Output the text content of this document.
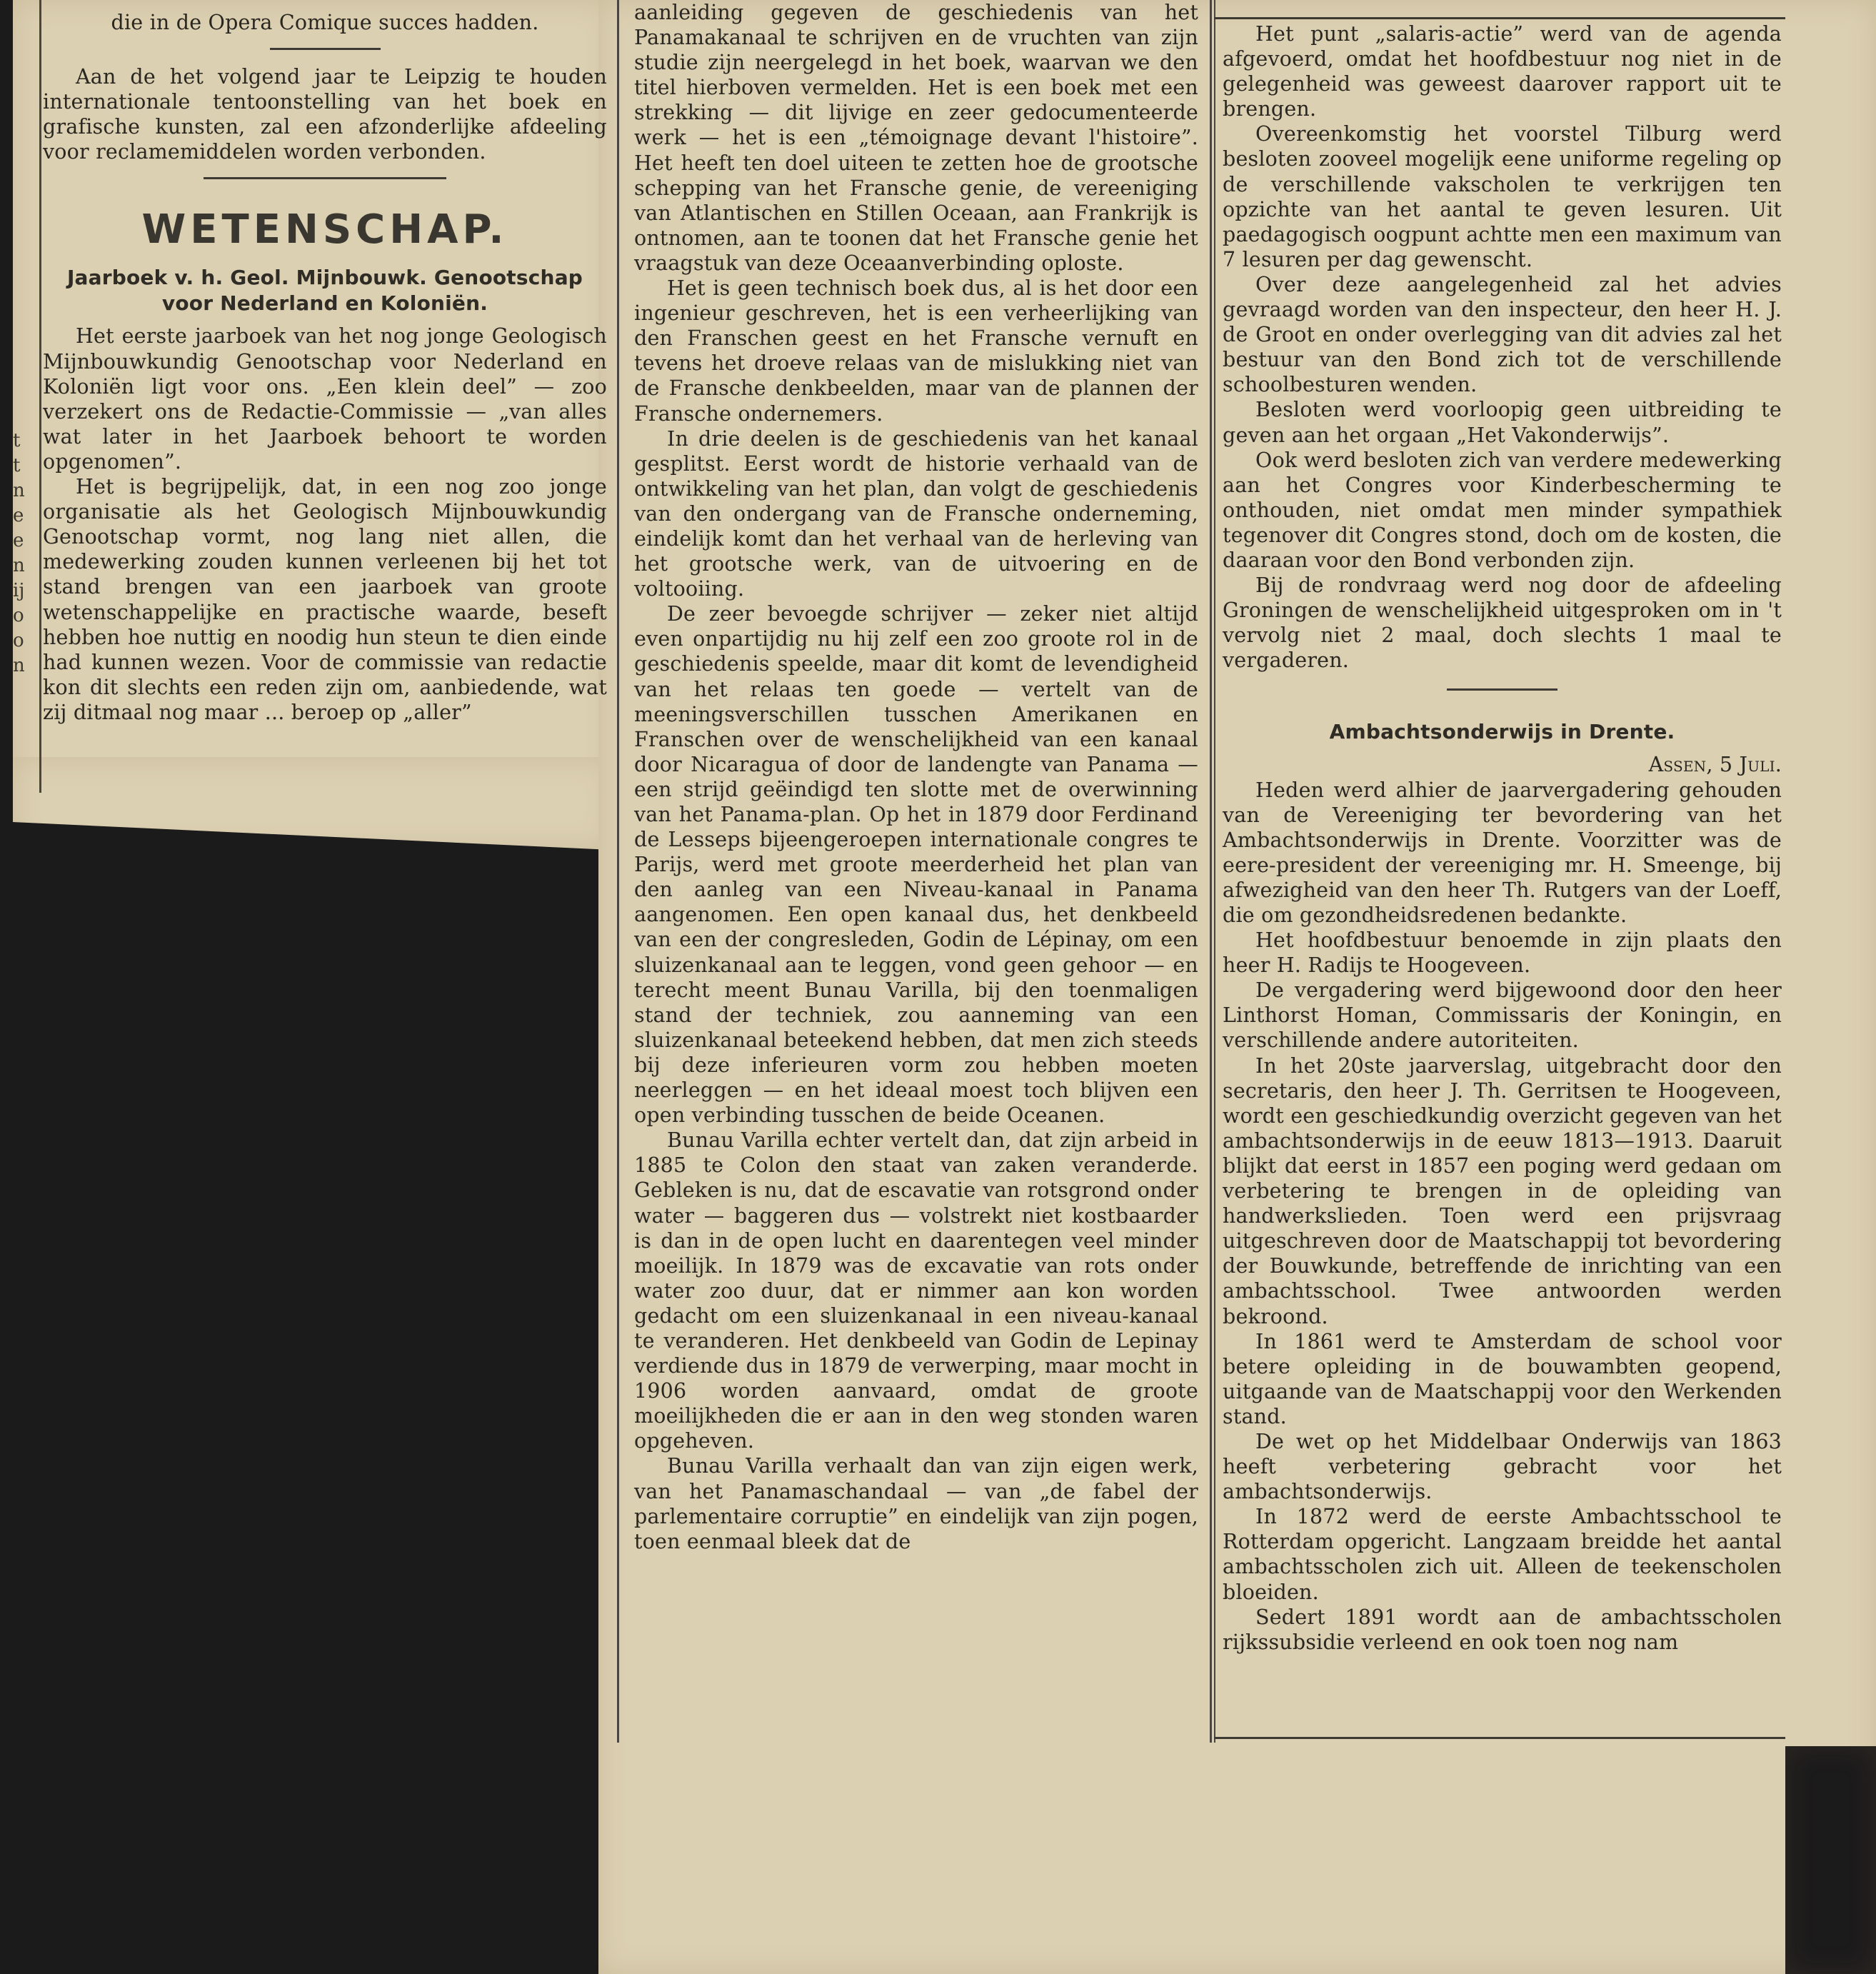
t
t
n
e
e
n
ij
o
o
n

die in de Opera Comique succes hadden.

Aan de het volgend jaar te Leipzig te houden internationale tentoonstelling van het boek en grafische kunsten, zal een afzonderlijke afdeeling voor reclamemiddelen worden verbonden.

WETENSCHAP.
Jaarboek v. h. Geol. Mijnbouwk. Genootschap voor Nederland en Koloniën.

Het eerste jaarboek van het nog jonge Geologisch Mijnbouwkundig Genootschap voor Nederland en Koloniën ligt voor ons. „Een klein deel” — zoo verzekert ons de Redactie-Commissie — „van alles wat later in het Jaarboek behoort te worden opgenomen”.

Het is begrijpelijk, dat, in een nog zoo jonge organisatie als het Geologisch Mijnbouwkundig Genootschap vormt, nog lang niet allen, die medewerking zouden kunnen verleenen bij het tot stand brengen van een jaarboek van groote wetenschappelijke en practische waarde, beseft hebben hoe nuttig en noodig hun steun te dien einde had kunnen wezen. Voor de commissie van redactie kon dit slechts een reden zijn om, aanbiedende, wat zij ditmaal nog maar ... beroep op „aller”

aanleiding gegeven de geschiedenis van het Panamakanaal te schrijven en de vruchten van zijn studie zijn neergelegd in het boek, waarvan we den titel hierboven vermelden. Het is een boek met een strekking — dit lijvige en zeer gedocumenteerde werk — het is een „témoignage devant l'histoire”. Het heeft ten doel uiteen te zetten hoe de grootsche schepping van het Fransche genie, de vereeniging van Atlantischen en Stillen Oceaan, aan Frankrijk is ontnomen, aan te toonen dat het Fransche genie het vraagstuk van deze Oceaanverbinding oploste.

Het is geen technisch boek dus, al is het door een ingenieur geschreven, het is een verheerlijking van den Franschen geest en het Fransche vernuft en tevens het droeve relaas van de mislukking niet van de Fransche denkbeelden, maar van de plannen der Fransche ondernemers.

In drie deelen is de geschiedenis van het kanaal gesplitst. Eerst wordt de historie verhaald van de ontwikkeling van het plan, dan volgt de geschiedenis van den ondergang van de Fransche onderneming, eindelijk komt dan het verhaal van de herleving van het grootsche werk, van de uitvoering en de voltooiing.

De zeer bevoegde schrijver — zeker niet altijd even onpartijdig nu hij zelf een zoo groote rol in de geschiedenis speelde, maar dit komt de levendigheid van het relaas ten goede — vertelt van de meeningsverschillen tusschen Amerikanen en Franschen over de wenschelijkheid van een kanaal door Nicaragua of door de landengte van Panama — een strijd geëindigd ten slotte met de overwinning van het Panama-plan. Op het in 1879 door Ferdinand de Lesseps bijeengeroepen internationale congres te Parijs, werd met groote meerderheid het plan van den aanleg van een Niveau-kanaal in Panama aangenomen. Een open kanaal dus, het denkbeeld van een der congresleden, Godin de Lépinay, om een sluizenkanaal aan te leggen, vond geen gehoor — en terecht meent Bunau Varilla, bij den toenmaligen stand der techniek, zou aanneming van een sluizenkanaal beteekend hebben, dat men zich steeds bij deze inferieuren vorm zou hebben moeten neerleggen — en het ideaal moest toch blijven een open verbinding tusschen de beide Oceanen.

Bunau Varilla echter vertelt dan, dat zijn arbeid in 1885 te Colon den staat van zaken veranderde. Gebleken is nu, dat de escavatie van rotsgrond onder water — baggeren dus — volstrekt niet kostbaarder is dan in de open lucht en daarentegen veel minder moeilijk. In 1879 was de excavatie van rots onder water zoo duur, dat er nimmer aan kon worden gedacht om een sluizenkanaal in een niveau-kanaal te veranderen. Het denkbeeld van Godin de Lepinay verdiende dus in 1879 de verwerping, maar mocht in 1906 worden aanvaard, omdat de groote moeilijkheden die er aan in den weg stonden waren opgeheven.

Bunau Varilla verhaalt dan van zijn eigen werk, van het Panamaschandaal — van „de fabel der parlementaire corruptie” en eindelijk van zijn pogen, toen eenmaal bleek dat de

Het punt „salaris-actie” werd van de agenda afgevoerd, omdat het hoofdbestuur nog niet in de gelegenheid was geweest daarover rapport uit te brengen.

Overeenkomstig het voorstel Tilburg werd besloten zooveel mogelijk eene uniforme regeling op de verschillende vakscholen te verkrijgen ten opzichte van het aantal te geven lesuren. Uit paedagogisch oogpunt achtte men een maximum van 7 lesuren per dag gewenscht.

Over deze aangelegenheid zal het advies gevraagd worden van den inspecteur, den heer H. J. de Groot en onder overlegging van dit advies zal het bestuur van den Bond zich tot de verschillende schoolbesturen wenden.

Besloten werd voorloopig geen uitbreiding te geven aan het orgaan „Het Vakonderwijs”.

Ook werd besloten zich van verdere medewerking aan het Congres voor Kinderbescherming te onthouden, niet omdat men minder sympathiek tegenover dit Congres stond, doch om de kosten, die daaraan voor den Bond verbonden zijn.

Bij de rondvraag werd nog door de afdeeling Groningen de wenschelijkheid uitgesproken om in 't vervolg niet 2 maal, doch slechts 1 maal te vergaderen.

Ambachtsonderwijs in Drente.
Assen, 5 Juli.

Heden werd alhier de jaarvergadering gehouden van de Vereeniging ter bevordering van het Ambachtsonderwijs in Drente. Voorzitter was de eere-president der vereeniging mr. H. Smeenge, bij afwezigheid van den heer Th. Rutgers van der Loeff, die om gezondheidsredenen bedankte.

Het hoofdbestuur benoemde in zijn plaats den heer H. Radijs te Hoogeveen.

De vergadering werd bijgewoond door den heer Linthorst Homan, Commissaris der Koningin, en verschillende andere autoriteiten.

In het 20ste jaarverslag, uitgebracht door den secretaris, den heer J. Th. Gerritsen te Hoogeveen, wordt een geschiedkundig overzicht gegeven van het ambachtsonderwijs in de eeuw 1813—1913. Daaruit blijkt dat eerst in 1857 een poging werd gedaan om verbetering te brengen in de opleiding van handwerkslieden. Toen werd een prijsvraag uitgeschreven door de Maatschappij tot bevordering der Bouwkunde, betreffende de inrichting van een ambachtsschool. Twee antwoorden werden bekroond.

In 1861 werd te Amsterdam de school voor betere opleiding in de bouwambten geopend, uitgaande van de Maatschappij voor den Werkenden stand.

De wet op het Middelbaar Onderwijs van 1863 heeft verbetering gebracht voor het ambachtsonderwijs.

In 1872 werd de eerste Ambachtsschool te Rotterdam opgericht. Langzaam breidde het aantal ambachtsscholen zich uit. Alleen de teekenscholen bloeiden.

Sedert 1891 wordt aan de ambachtsscholen rijkssubsidie verleend en ook toen nog nam
